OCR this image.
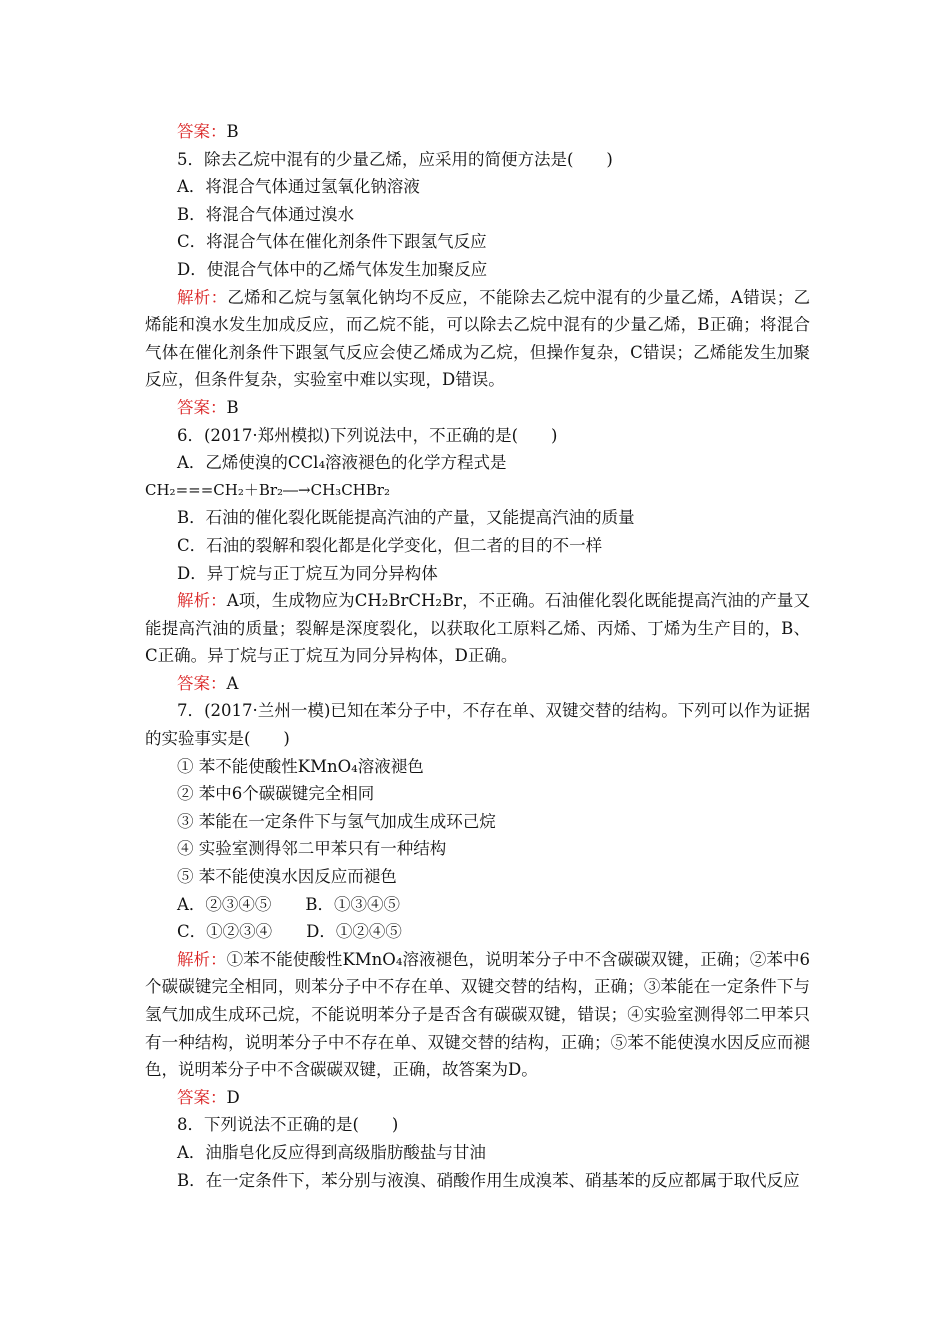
答案：B
5．除去乙烷中混有的少量乙烯，应采用的简便方法是(　　)
A．将混合气体通过氢氧化钠溶液
B．将混合气体通过溴水
C．将混合气体在催化剂条件下跟氢气反应
D．使混合气体中的乙烯气体发生加聚反应
解析：乙烯和乙烷与氢氧化钠均不反应，不能除去乙烷中混有的少量乙烯，A错误；乙烯能和溴水发生加成反应，而乙烷不能，可以除去乙烷中混有的少量乙烯，B正确；将混合气体在催化剂条件下跟氢气反应会使乙烯成为乙烷，但操作复杂，C错误；乙烯能发生加聚反应，但条件复杂，实验室中难以实现，D错误。
答案：B
6．(2017·郑州模拟)下列说法中，不正确的是(　　)
A．乙烯使溴的CCl₄溶液褪色的化学方程式是
CH₂===CH₂＋Br₂―→CH₃CHBr₂
B．石油的催化裂化既能提高汽油的产量，又能提高汽油的质量
C．石油的裂解和裂化都是化学变化，但二者的目的不一样
D．异丁烷与正丁烷互为同分异构体
解析：A项，生成物应为CH₂BrCH₂Br，不正确。石油催化裂化既能提高汽油的产量又能提高汽油的质量；裂解是深度裂化，以获取化工原料乙烯、丙烯、丁烯为生产目的，B、C正确。异丁烷与正丁烷互为同分异构体，D正确。
答案：A
7．(2017·兰州一模)已知在苯分子中，不存在单、双键交替的结构。下列可以作为证据的实验事实是(　　)
① 苯不能使酸性KMnO₄溶液褪色
② 苯中6个碳碳键完全相同
③ 苯能在一定条件下与氢气加成生成环己烷
④ 实验室测得邻二甲苯只有一种结构
⑤ 苯不能使溴水因反应而褪色
A．②③④⑤ B．①③④⑤
C．①②③④ D．①②④⑤
解析：①苯不能使酸性KMnO₄溶液褪色，说明苯分子中不含碳碳双键，正确；②苯中6个碳碳键完全相同，则苯分子中不存在单、双键交替的结构，正确；③苯能在一定条件下与氢气加成生成环己烷，不能说明苯分子是否含有碳碳双键，错误；④实验室测得邻二甲苯只有一种结构，说明苯分子中不存在单、双键交替的结构，正确；⑤苯不能使溴水因反应而褪色，说明苯分子中不含碳碳双键，正确，故答案为D。
答案：D
8．下列说法不正确的是(　　)
A．油脂皂化反应得到高级脂肪酸盐与甘油
B．在一定条件下，苯分别与液溴、硝酸作用生成溴苯、硝基苯的反应都属于取代反应
